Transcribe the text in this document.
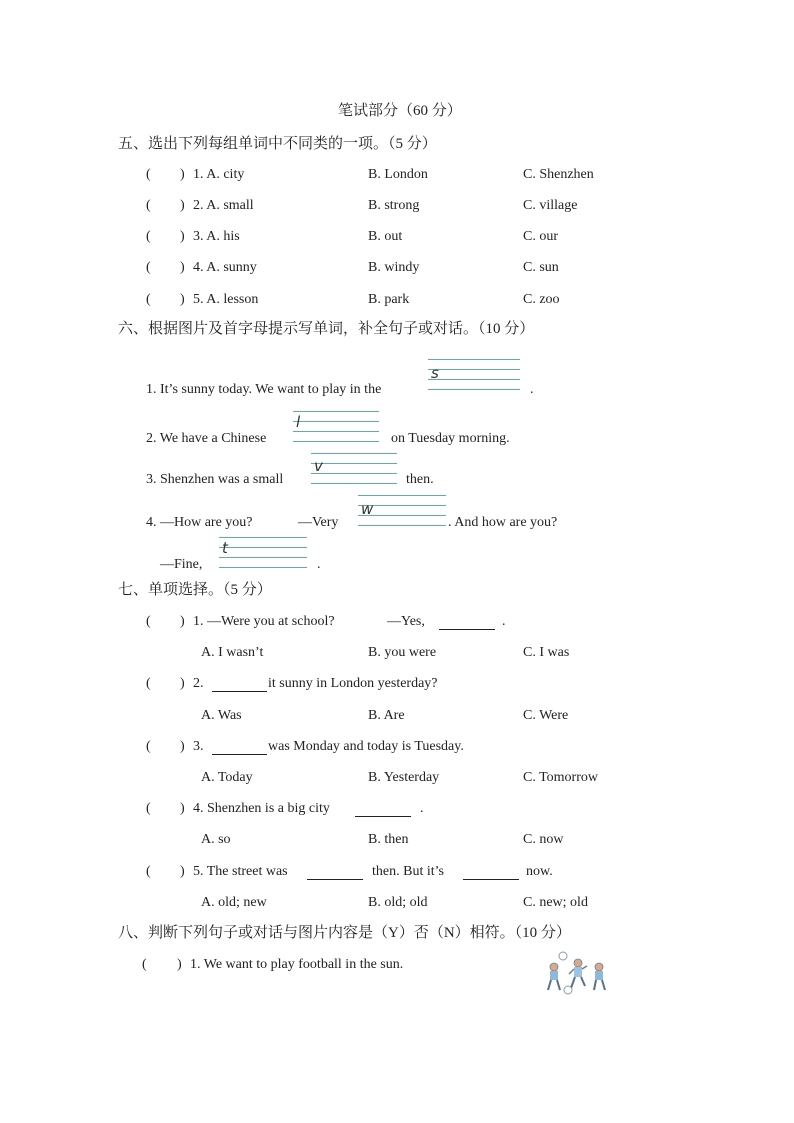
笔试部分（60 分）
五、选出下列每组单词中不同类的一项。（5 分）
( ) 1. A. city	B. London	C. Shenzhen
( ) 2. A. small	B. strong	C. village
( ) 3. A. his	B. out	C. our
( ) 4. A. sunny	B. windy	C. sun
( ) 5. A. lesson	B. park	C. zoo
六、根据图片及首字母提示写单词，补全句子或对话。（10 分）
1. It’s sunny today. We want to play in the
s
.
2. We have a Chinese
l
on Tuesday morning.
3. Shenzhen was a small
v
then.
4. —How are you?	—Very
w
. And how are you?
—Fine,
t
.
七、单项选择。（5 分）
( ) 1. —Were you at school?	—Yes,	.
A. I wasn’t	B. you were	C. I was
( ) 2.	it sunny in London yesterday?
A. Was	B. Are	C. Were
( ) 3.	was Monday and today is Tuesday.
A. Today	B. Yesterday	C. Tomorrow
( ) 4. Shenzhen is a big city	.
A. so	B. then	C. now
( ) 5. The street was	then. But it’s	now.
A. old; new	B. old; old	C. new; old
八、判断下列句子或对话与图片内容是（Y）否（N）相符。（10 分）
( ) 1. We want to play football in the sun.
